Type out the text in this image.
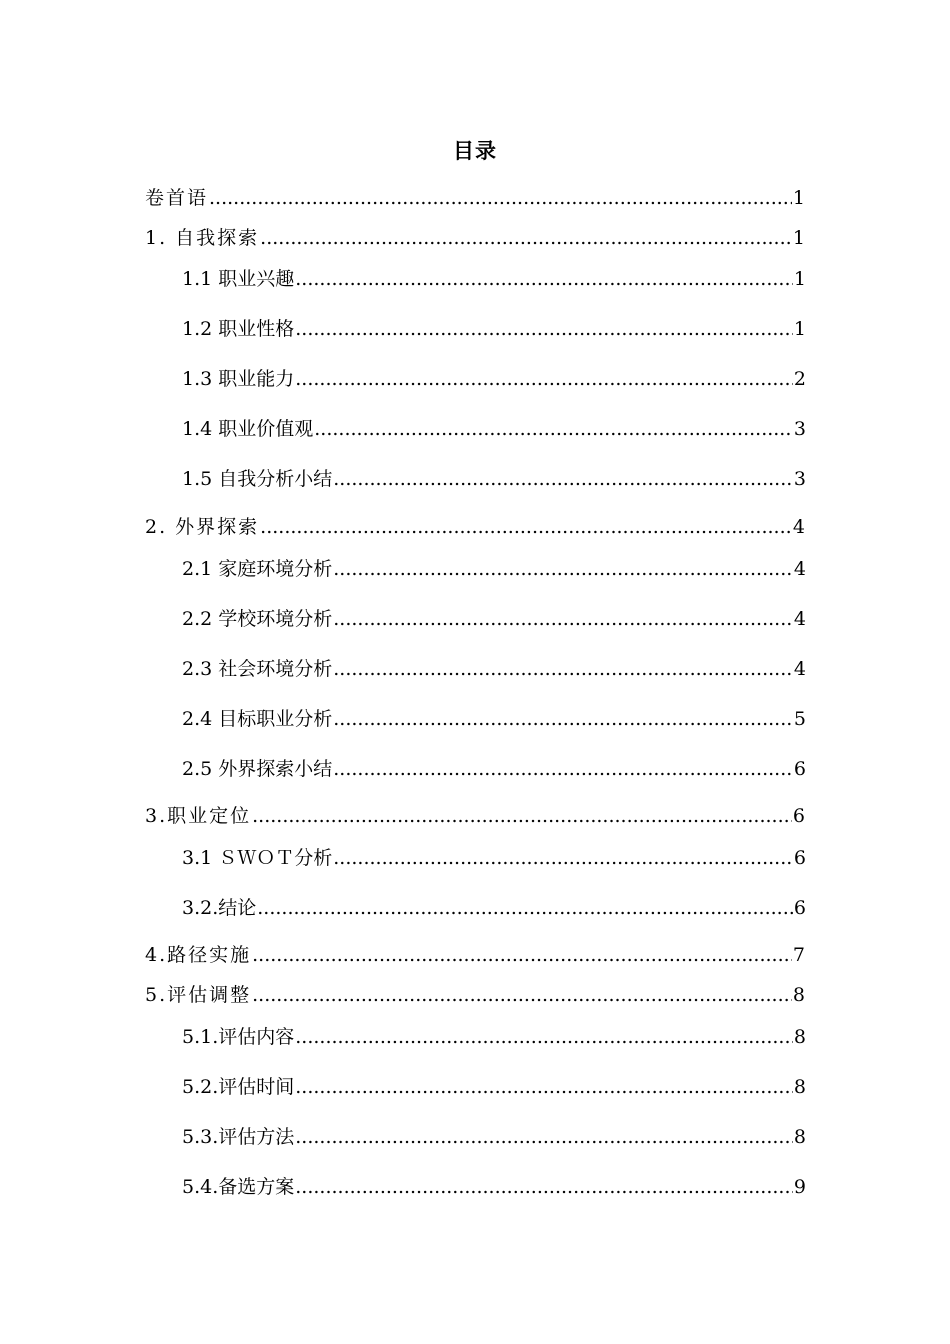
目录
卷首语 .....	1
1. 自我探索 .....	1
1.1 职业兴趣 .....	1
1.2 职业性格 .....	1
1.3 职业能力 .....	2
1.4 职业价值观 .....	3
1.5 自我分析小结 .....	3
2. 外界探索 .....	4
2.1 家庭环境分析 .....	4
2.2 学校环境分析 .....	4
2.3 社会环境分析 .....	4
2.4 目标职业分析 .....	5
2.5 外界探索小结 .....	6
3.职业定位 .....	6
3.1 ＳＷＯＴ分析 .....	6
3.2.结论 .....	6
4.路径实施 .....	7
5.评估调整 .....	8
5.1.评估内容 .....	8
5.2.评估时间 .....	8
5.3.评估方法 .....	8
5.4.备选方案 .....	9
